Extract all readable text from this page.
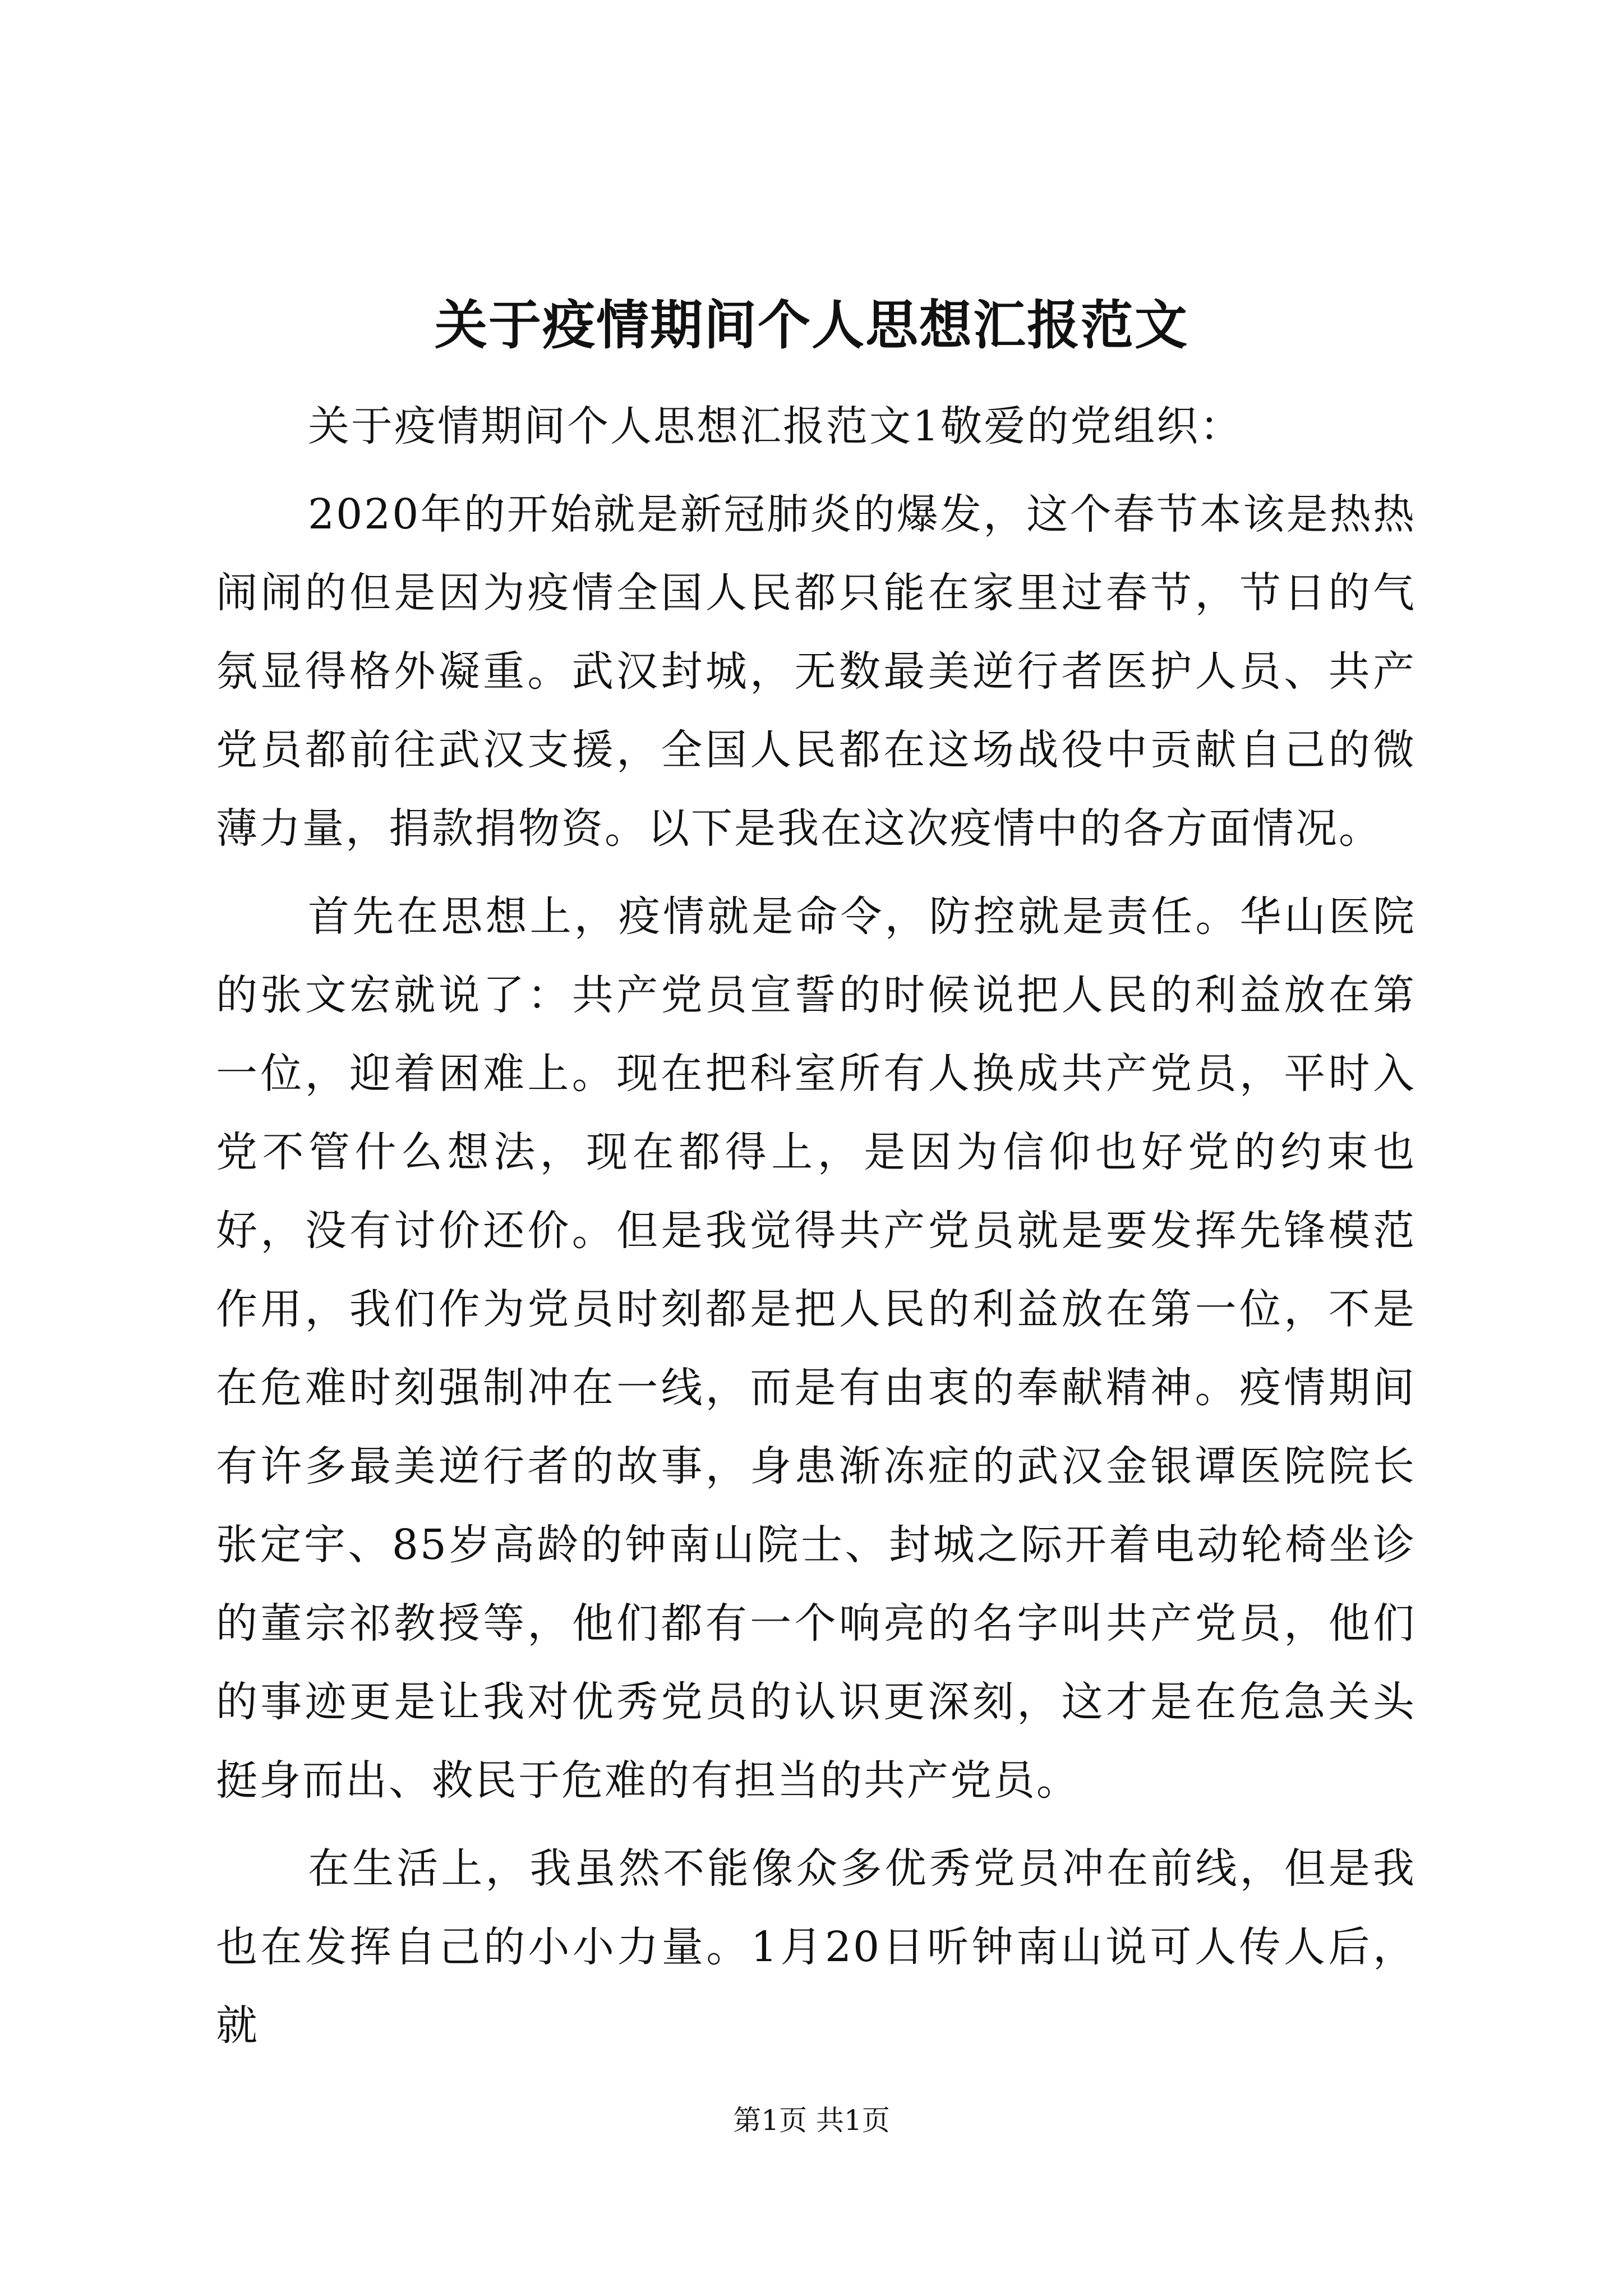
关于疫情期间个人思想汇报范文

关于疫情期间个人思想汇报范文1敬爱的党组织：

2020年的开始就是新冠肺炎的爆发，这个春节本该是热热闹闹的但是因为疫情全国人民都只能在家里过春节，节日的气氛显得格外凝重。武汉封城，无数最美逆行者医护人员、共产党员都前往武汉支援，全国人民都在这场战役中贡献自己的微薄力量，捐款捐物资。以下是我在这次疫情中的各方面情况。

首先在思想上，疫情就是命令，防控就是责任。华山医院的张文宏就说了：共产党员宣誓的时候说把人民的利益放在第一位，迎着困难上。现在把科室所有人换成共产党员，平时入党不管什么想法，现在都得上，是因为信仰也好党的约束也好，没有讨价还价。但是我觉得共产党员就是要发挥先锋模范作用，我们作为党员时刻都是把人民的利益放在第一位，不是在危难时刻强制冲在一线，而是有由衷的奉献精神。疫情期间有许多最美逆行者的故事，身患渐冻症的武汉金银谭医院院长张定宇、85岁高龄的钟南山院士、封城之际开着电动轮椅坐诊的董宗祁教授等，他们都有一个响亮的名字叫共产党员，他们的事迹更是让我对优秀党员的认识更深刻，这才是在危急关头挺身而出、救民于危难的有担当的共产党员。

在生活上，我虽然不能像众多优秀党员冲在前线，但是我也在发挥自己的小小力量。1月20日听钟南山说可人传人后，就

第1页 共1页
